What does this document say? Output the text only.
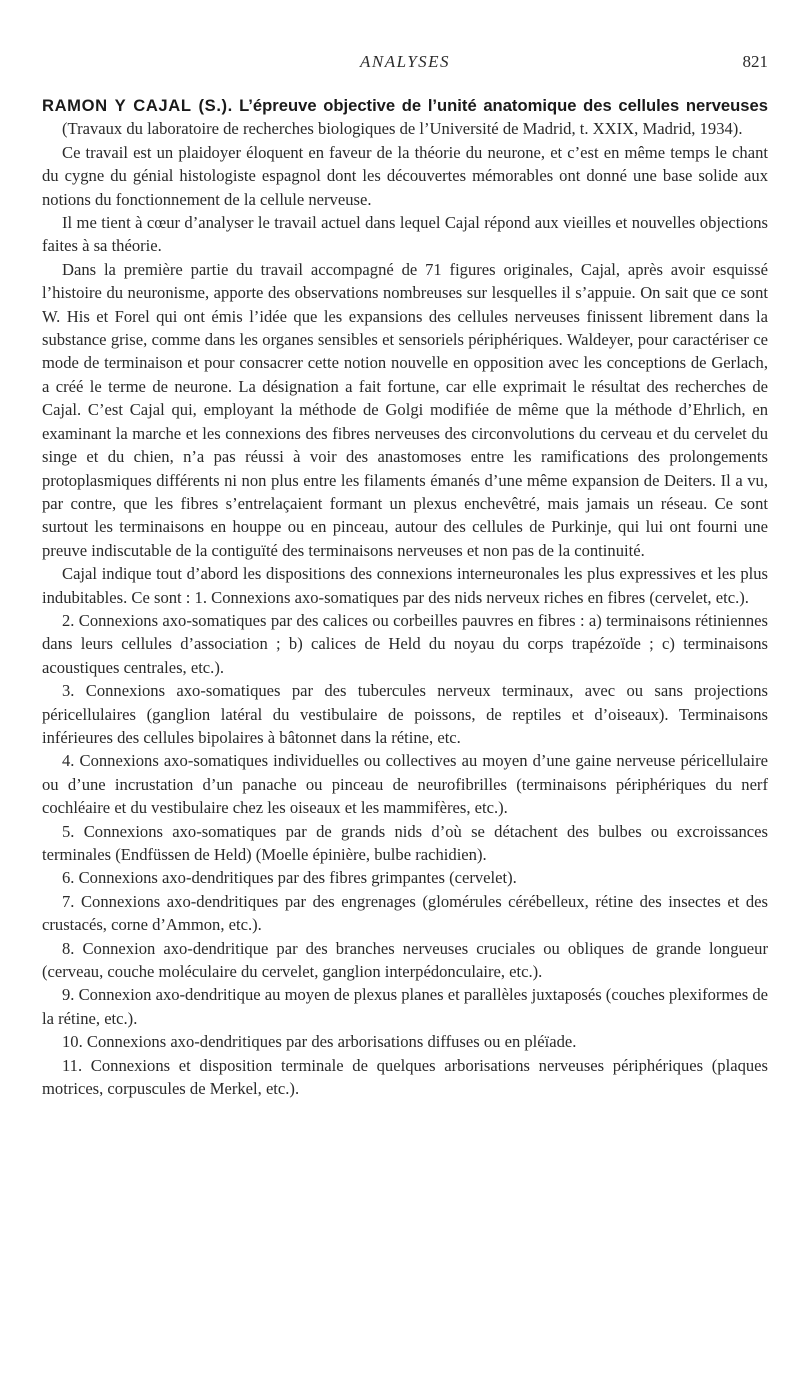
ANALYSES	821
RAMON Y CAJAL (S.). L’épreuve objective de l’unité anatomique des cellules nerveuses (Travaux du laboratoire de recherches biologiques de l’Université de Madrid, t. XXIX, Madrid, 1934).

Ce travail est un plaidoyer éloquent en faveur de la théorie du neurone, et c’est en même temps le chant du cygne du génial histologiste espagnol dont les découvertes mémorables ont donné une base solide aux notions du fonctionnement de la cellule nerveuse.

Il me tient à cœur d’analyser le travail actuel dans lequel Cajal répond aux vieilles et nouvelles objections faites à sa théorie.

Dans la première partie du travail accompagné de 71 figures originales, Cajal, après avoir esquissé l’histoire du neuronisme, apporte des observations nombreuses sur lesquelles il s’appuie. On sait que ce sont W. His et Forel qui ont émis l’idée que les expansions des cellules nerveuses finissent librement dans la substance grise, comme dans les organes sensibles et sensoriels périphériques. Waldeyer, pour caractériser ce mode de terminaison et pour consacrer cette notion nouvelle en opposition avec les conceptions de Gerlach, a créé le terme de neurone. La désignation a fait fortune, car elle exprimait le résultat des recherches de Cajal. C’est Cajal qui, employant la méthode de Golgi modifiée de même que la méthode d’Ehrlich, en examinant la marche et les connexions des fibres nerveuses des circonvolutions du cerveau et du cervelet du singe et du chien, n’a pas réussi à voir des anastomoses entre les ramifications des prolongements protoplasmiques différents ni non plus entre les filaments émanés d’une même expansion de Deiters. Il a vu, par contre, que les fibres s’entrelaçaient formant un plexus enchevêtré, mais jamais un réseau. Ce sont surtout les terminaisons en houppe ou en pinceau, autour des cellules de Purkinje, qui lui ont fourni une preuve indiscutable de la contiguïté des terminaisons nerveuses et non pas de la continuité.

Cajal indique tout d’abord les dispositions des connexions interneuronales les plus expressives et les plus indubitables. Ce sont : 1. Connexions axo-somatiques par des nids nerveux riches en fibres (cervelet, etc.).

2. Connexions axo-somatiques par des calices ou corbeilles pauvres en fibres : a) terminaisons rétiniennes dans leurs cellules d’association ; b) calices de Held du noyau du corps trapézoïde ; c) terminaisons acoustiques centrales, etc.).

3. Connexions axo-somatiques par des tubercules nerveux terminaux, avec ou sans projections péricellulaires (ganglion latéral du vestibulaire de poissons, de reptiles et d’oiseaux). Terminaisons inférieures des cellules bipolaires à bâtonnet dans la rétine, etc.

4. Connexions axo-somatiques individuelles ou collectives au moyen d’une gaine nerveuse péricellulaire ou d’une incrustation d’un panache ou pinceau de neurofibrilles (terminaisons périphériques du nerf cochléaire et du vestibulaire chez les oiseaux et les mammifères, etc.).

5. Connexions axo-somatiques par de grands nids d’où se détachent des bulbes ou excroissances terminales (Endfüssen de Held) (Moelle épinière, bulbe rachidien).

6. Connexions axo-dendritiques par des fibres grimpantes (cervelet).

7. Connexions axo-dendritiques par des engrenages (glomérules cérébelleux, rétine des insectes et des crustacés, corne d’Ammon, etc.).

8. Connexion axo-dendritique par des branches nerveuses cruciales ou obliques de grande longueur (cerveau, couche moléculaire du cervelet, ganglion interpédonculaire, etc.).

9. Connexion axo-dendritique au moyen de plexus planes et parallèles juxtaposés (couches plexiformes de la rétine, etc.).

10. Connexions axo-dendritiques par des arborisations diffuses ou en pléïade.

11. Connexions et disposition terminale de quelques arborisations nerveuses périphériques (plaques motrices, corpuscules de Merkel, etc.).
